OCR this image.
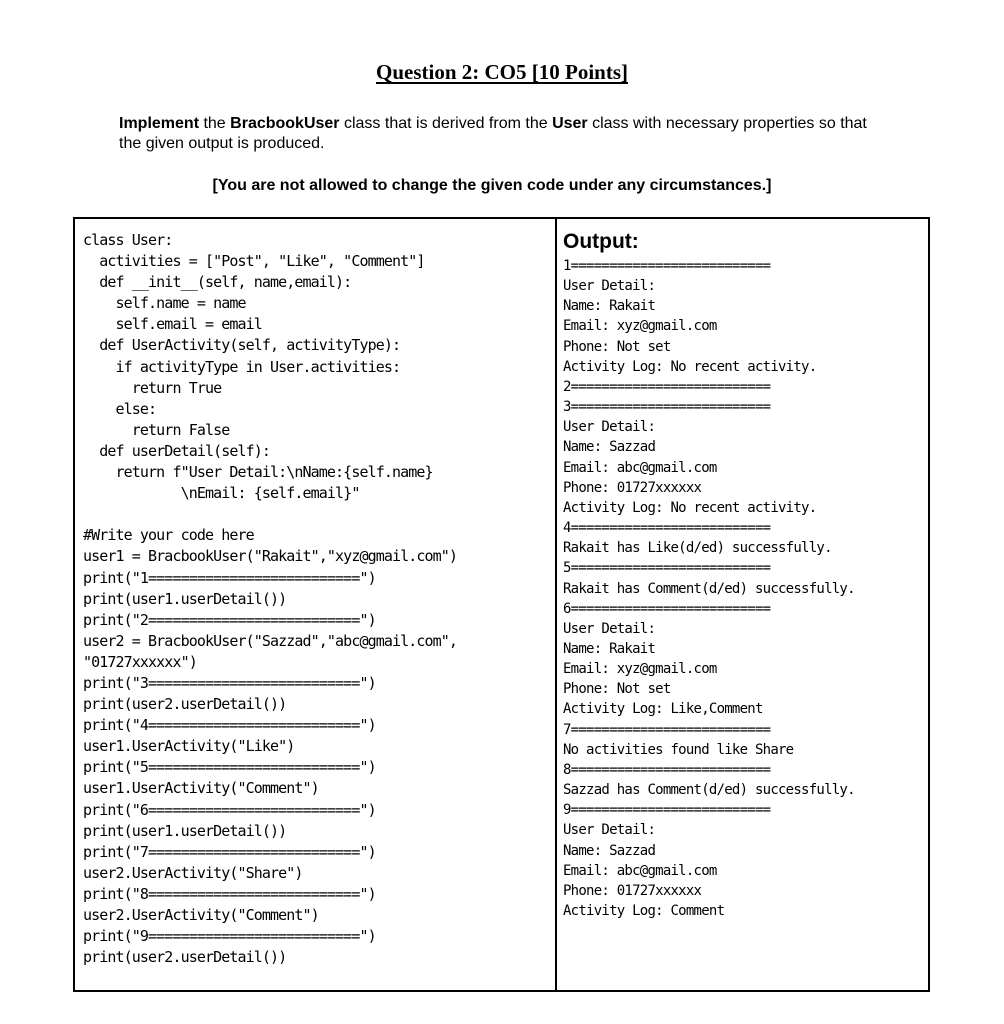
Question 2: CO5 [10 Points]
Implement the BracbookUser class that is derived from the User class with necessary properties so that the given output is produced.
[You are not allowed to change the given code under any circumstances.]
class User:
activities = ["Post", "Like", "Comment"]
def __init__(self, name,email):
self.name = name
self.email = email
def UserActivity(self, activityType):
if activityType in User.activities:
return True
else:
return False
def userDetail(self):
return f"User Detail:\nName:{self.name}
\nEmail: {self.email}"

#Write your code here
user1 = BracbookUser("Rakait","xyz@gmail.com")
print("1==========================")
print(user1.userDetail())
print("2==========================")
user2 = BracbookUser("Sazzad","abc@gmail.com",
"01727xxxxxx")
print("3==========================")
print(user2.userDetail())
print("4==========================")
user1.UserActivity("Like")
print("5==========================")
user1.UserActivity("Comment")
print("6==========================")
print(user1.userDetail())
print("7==========================")
user2.UserActivity("Share")
print("8==========================")
user2.UserActivity("Comment")
print("9==========================")
print(user2.userDetail())
Output:
1==========================
User Detail:
Name: Rakait
Email: xyz@gmail.com
Phone: Not set
Activity Log: No recent activity.
2==========================
3==========================
User Detail:
Name: Sazzad
Email: abc@gmail.com
Phone: 01727xxxxxx
Activity Log: No recent activity.
4==========================
Rakait has Like(d/ed) successfully.
5==========================
Rakait has Comment(d/ed) successfully.
6==========================
User Detail:
Name: Rakait
Email: xyz@gmail.com
Phone: Not set
Activity Log: Like,Comment
7==========================
No activities found like Share
8==========================
Sazzad has Comment(d/ed) successfully.
9==========================
User Detail:
Name: Sazzad
Email: abc@gmail.com
Phone: 01727xxxxxx
Activity Log: Comment
